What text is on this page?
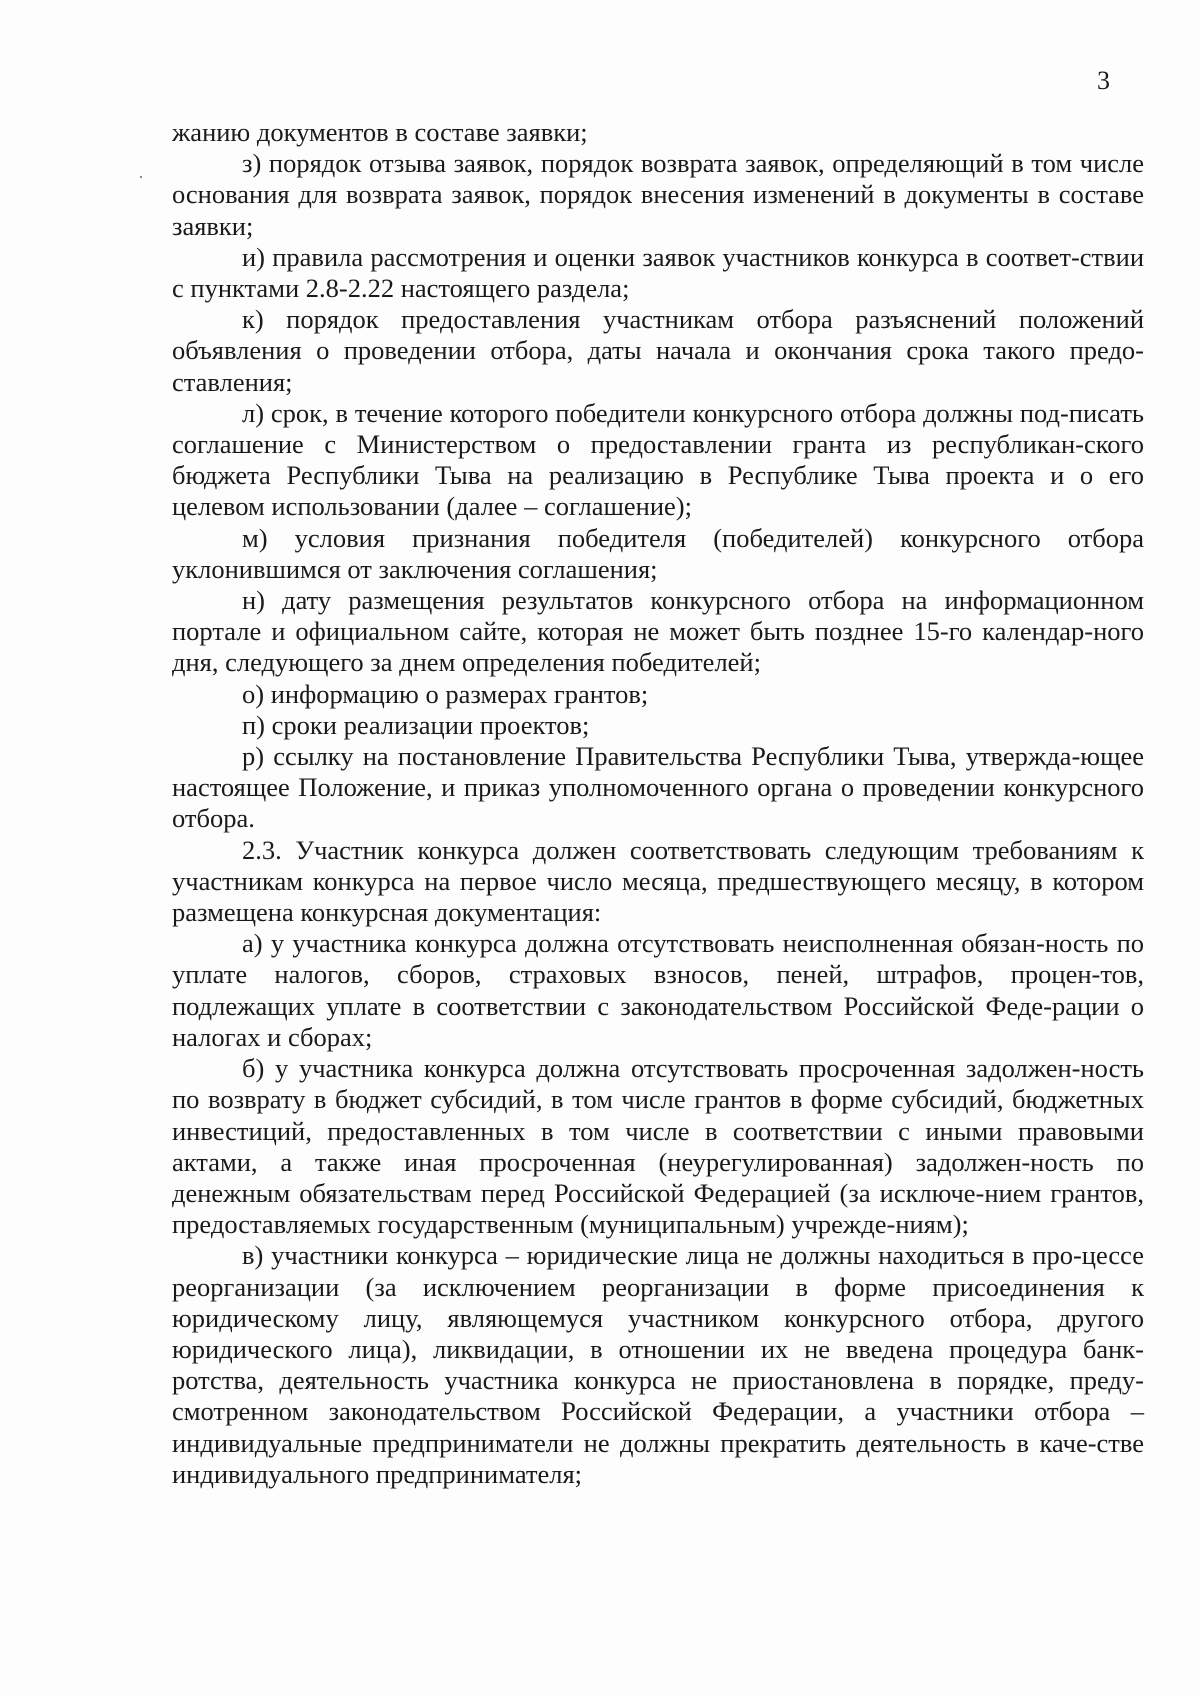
3

жанию документов в составе заявки;

з) порядок отзыва заявок, порядок возврата заявок, определяющий в том числе основания для возврата заявок, порядок внесения изменений в документы в составе заявки;

и) правила рассмотрения и оценки заявок участников конкурса в соответ-ствии с пунктами 2.8-2.22 настоящего раздела;

к) порядок предоставления участникам отбора разъяснений положений объявления о проведении отбора, даты начала и окончания срока такого предо-ставления;

л) срок, в течение которого победители конкурсного отбора должны под-писать соглашение с Министерством о предоставлении гранта из республикан-ского бюджета Республики Тыва на реализацию в Республике Тыва проекта и о его целевом использовании (далее – соглашение);

м) условия признания победителя (победителей) конкурсного отбора уклонившимся от заключения соглашения;

н) дату размещения результатов конкурсного отбора на информационном портале и официальном сайте, которая не может быть позднее 15-го календар-ного дня, следующего за днем определения победителей;

о) информацию о размерах грантов;

п) сроки реализации проектов;

р) ссылку на постановление Правительства Республики Тыва, утвержда-ющее настоящее Положение, и приказ уполномоченного органа о проведении конкурсного отбора.

2.3. Участник конкурса должен соответствовать следующим требованиям к участникам конкурса на первое число месяца, предшествующего месяцу, в котором размещена конкурсная документация:

а) у участника конкурса должна отсутствовать неисполненная обязан-ность по уплате налогов, сборов, страховых взносов, пеней, штрафов, процен-тов, подлежащих уплате в соответствии с законодательством Российской Феде-рации о налогах и сборах;

б) у участника конкурса должна отсутствовать просроченная задолжен-ность по возврату в бюджет субсидий, в том числе грантов в форме субсидий, бюджетных инвестиций, предоставленных в том числе в соответствии с иными правовыми актами, а также иная просроченная (неурегулированная) задолжен-ность по денежным обязательствам перед Российской Федерацией (за исключе-нием грантов, предоставляемых государственным (муниципальным) учрежде-ниям);

в) участники конкурса – юридические лица не должны находиться в про-цессе реорганизации (за исключением реорганизации в форме присоединения к юридическому лицу, являющемуся участником конкурсного отбора, другого юридического лица), ликвидации, в отношении их не введена процедура банк-ротства, деятельность участника конкурса не приостановлена в порядке, преду-смотренном законодательством Российской Федерации, а участники отбора – индивидуальные предприниматели не должны прекратить деятельность в каче-стве индивидуального предпринимателя;
